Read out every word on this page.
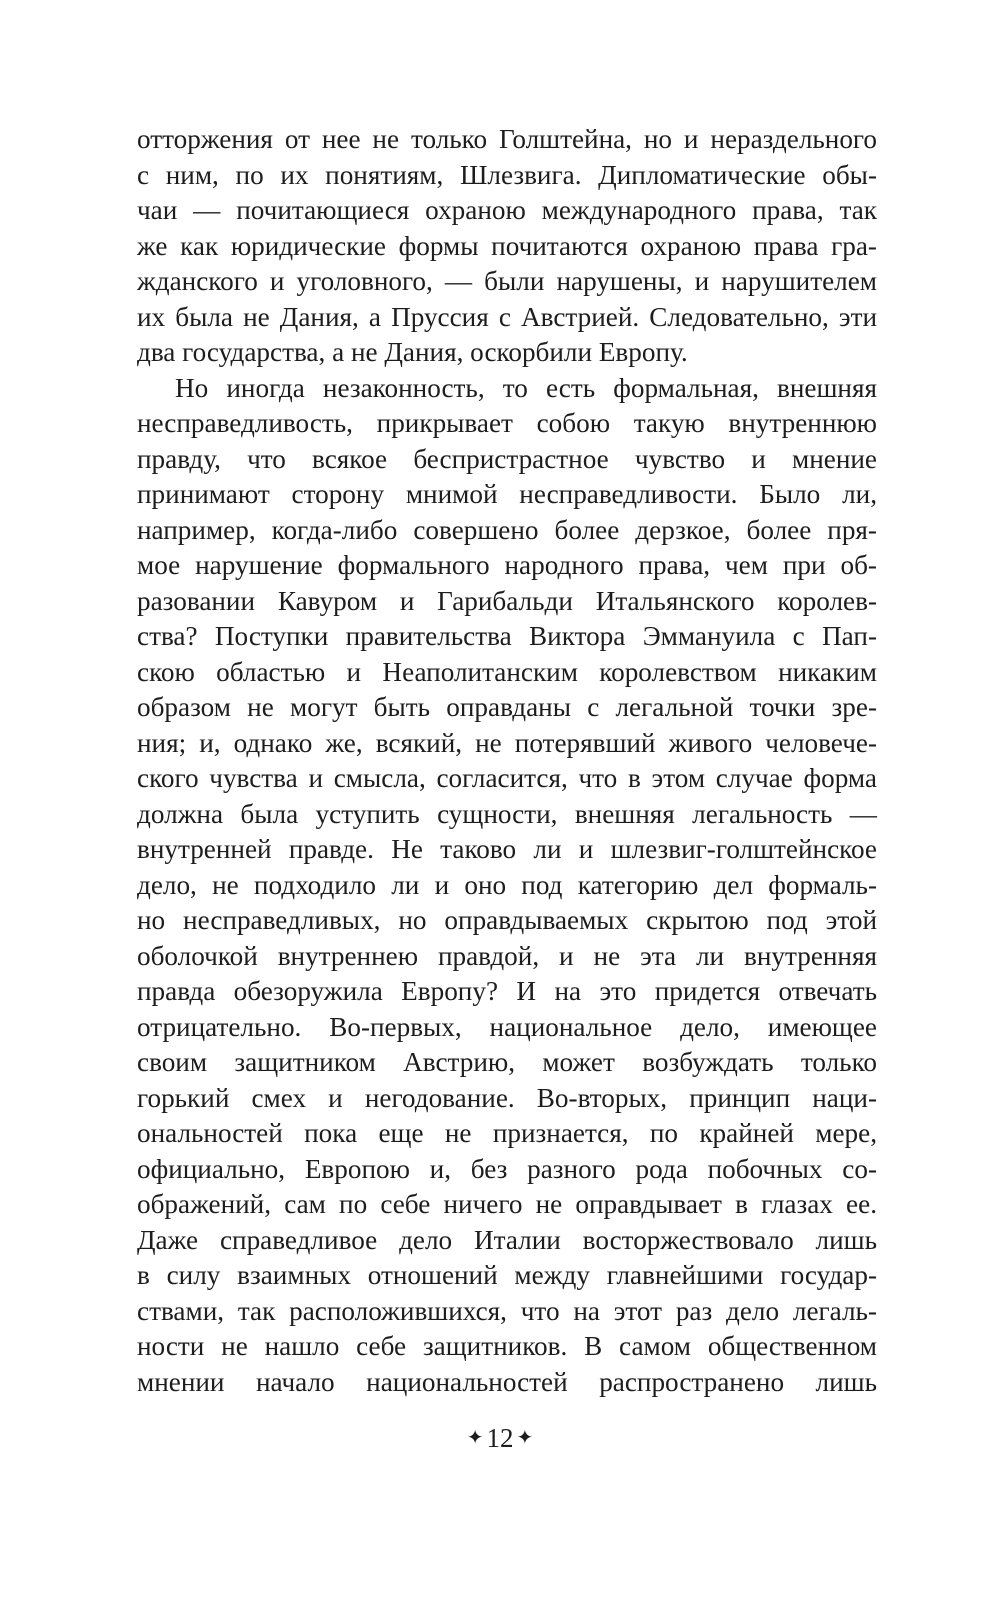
отторжения от нее не только Голштейна, но и нераздельного
с ним, по их понятиям, Шлезвига. Дипломатические обы-
чаи — почитающиеся охраною международного права, так
же как юридические формы почитаются охраною права гра-
жданского и уголовного, — были нарушены, и нарушителем
их была не Дания, а Пруссия с Австрией. Следовательно, эти
два государства, а не Дания, оскорбили Европу.
Но иногда незаконность, то есть формальная, внешняя
несправедливость, прикрывает собою такую внутреннюю
правду, что всякое беспристрастное чувство и мнение
принимают сторону мнимой несправедливости. Было ли,
например, когда-либо совершено более дерзкое, более пря-
мое нарушение формального народного права, чем при об-
разовании Кавуром и Гарибальди Итальянского королев-
ства? Поступки правительства Виктора Эммануила с Пап-
скою областью и Неаполитанским королевством никаким
образом не могут быть оправданы с легальной точки зре-
ния; и, однако же, всякий, не потерявший живого человече-
ского чувства и смысла, согласится, что в этом случае форма
должна была уступить сущности, внешняя легальность —
внутренней правде. Не таково ли и шлезвиг-голштейнское
дело, не подходило ли и оно под категорию дел формаль-
но несправедливых, но оправдываемых скрытою под этой
оболочкой внутреннею правдой, и не эта ли внутренняя
правда обезоружила Европу? И на это придется отвечать
отрицательно. Во-первых, национальное дело, имеющее
своим защитником Австрию, может возбуждать только
горький смех и негодование. Во-вторых, принцип наци-
ональностей пока еще не признается, по крайней мере,
официально, Европою и, без разного рода побочных со-
ображений, сам по себе ничего не оправдывает в глазах ее.
Даже справедливое дело Италии восторжествовало лишь
в силу взаимных отношений между главнейшими государ-
ствами, так расположившихся, что на этот раз дело легаль-
ности не нашло себе защитников. В самом общественном
мнении начало национальностей распространено лишь
✦ 12 ✦
